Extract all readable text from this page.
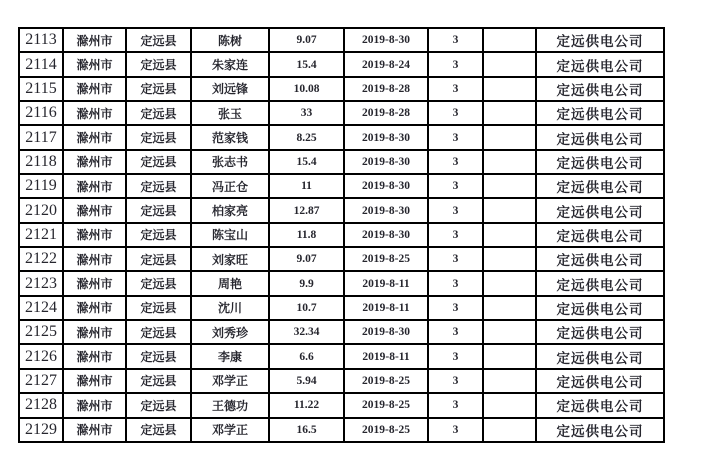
2113	滁州市	定远县	陈树	9.07	2019-8-30	3		定远供电公司
2114	滁州市	定远县	朱家连	15.4	2019-8-24	3		定远供电公司
2115	滁州市	定远县	刘远锋	10.08	2019-8-28	3		定远供电公司
2116	滁州市	定远县	张玉	33	2019-8-28	3		定远供电公司
2117	滁州市	定远县	范家钱	8.25	2019-8-30	3		定远供电公司
2118	滁州市	定远县	张志书	15.4	2019-8-30	3		定远供电公司
2119	滁州市	定远县	冯正仓	11	2019-8-30	3		定远供电公司
2120	滁州市	定远县	柏家亮	12.87	2019-8-30	3		定远供电公司
2121	滁州市	定远县	陈宝山	11.8	2019-8-30	3		定远供电公司
2122	滁州市	定远县	刘家旺	9.07	2019-8-25	3		定远供电公司
2123	滁州市	定远县	周艳	9.9	2019-8-11	3		定远供电公司
2124	滁州市	定远县	沈川	10.7	2019-8-11	3		定远供电公司
2125	滁州市	定远县	刘秀珍	32.34	2019-8-30	3		定远供电公司
2126	滁州市	定远县	李康	6.6	2019-8-11	3		定远供电公司
2127	滁州市	定远县	邓学正	5.94	2019-8-25	3		定远供电公司
2128	滁州市	定远县	王德功	11.22	2019-8-25	3		定远供电公司
2129	滁州市	定远县	邓学正	16.5	2019-8-25	3		定远供电公司
